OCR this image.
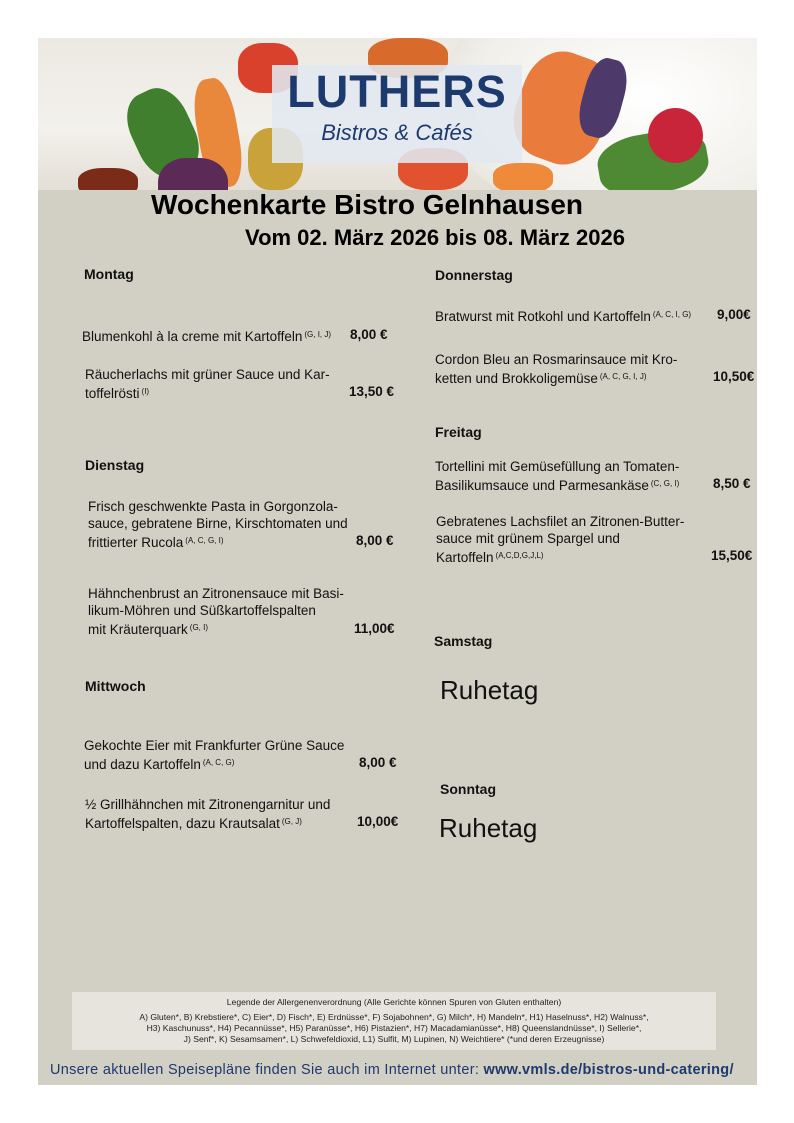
LUTHERS
Bistros & Cafés
Wochenkarte Bistro Gelnhausen
Vom 02. März 2026 bis 08. März 2026
Montag
Blumenkohl à la creme mit Kartoffeln $^{(G, I, J)}$ 8,00 €
Räucherlachs mit grüner Sauce und Kar-
toffelrösti $^{(I)}$	13,50 €
Dienstag
Frisch geschwenkte Pasta in Gorgonzola-
sauce, gebratene Birne, Kirschtomaten und
frittierter Rucola $^{(A, C, G, I)}$	8,00 €
Hähnchenbrust an Zitronensauce mit Basi-
likum-Möhren und Süßkartoffelspalten
mit Kräuterquark $^{(G, I)}$	11,00€
Mittwoch
Gekochte Eier mit Frankfurter Grüne Sauce
und dazu Kartoffeln $^{(A, C, G)}$	8,00 €
½ Grillhähnchen mit Zitronengarnitur und
Kartoffelspalten, dazu Krautsalat $^{(G, J)}$	10,00€
Donnerstag
Bratwurst mit Rotkohl und Kartoffeln $^{(A, C, I, G)}$ 9,00€
Cordon Bleu an Rosmarinsauce mit Kro-
ketten und Brokkoligemüse $^{(A, C, G, I, J)}$	10,50€
Freitag
Tortellini mit Gemüsefüllung an Tomaten-
Basilikumsauce und Parmesankäse $^{(C, G, I)}$ 8,50 €
Gebratenes Lachsfilet an Zitronen-Butter-
sauce mit grünem Spargel und
Kartoffeln $^{(A,C,D,G,J,L)}$	15,50€
Samstag
Ruhetag
Sonntag
Ruhetag
Legende der Allergenenverordnung (Alle Gerichte können Spuren von Gluten enthalten)
A) Gluten*, B) Krebstiere*, C) Eier*, D) Fisch*, E) Erdnüsse*, F) Sojabohnen*, G) Milch*, H) Mandeln*, H1) Haselnuss*, H2) Walnuss*,
H3) Kaschunuss*, H4) Pecannüsse*, H5) Paranüsse*, H6) Pistazien*, H7) Macadamianüsse*, H8) Queenslandnüsse*, I) Sellerie*,
J) Senf*, K) Sesamsamen*, L) Schwefeldioxid, L1) Sulfit, M) Lupinen, N) Weichtiere* (*und deren Erzeugnisse)
Unsere aktuellen Speisepläne finden Sie auch im Internet unter: www.vmls.de/bistros-und-catering/
